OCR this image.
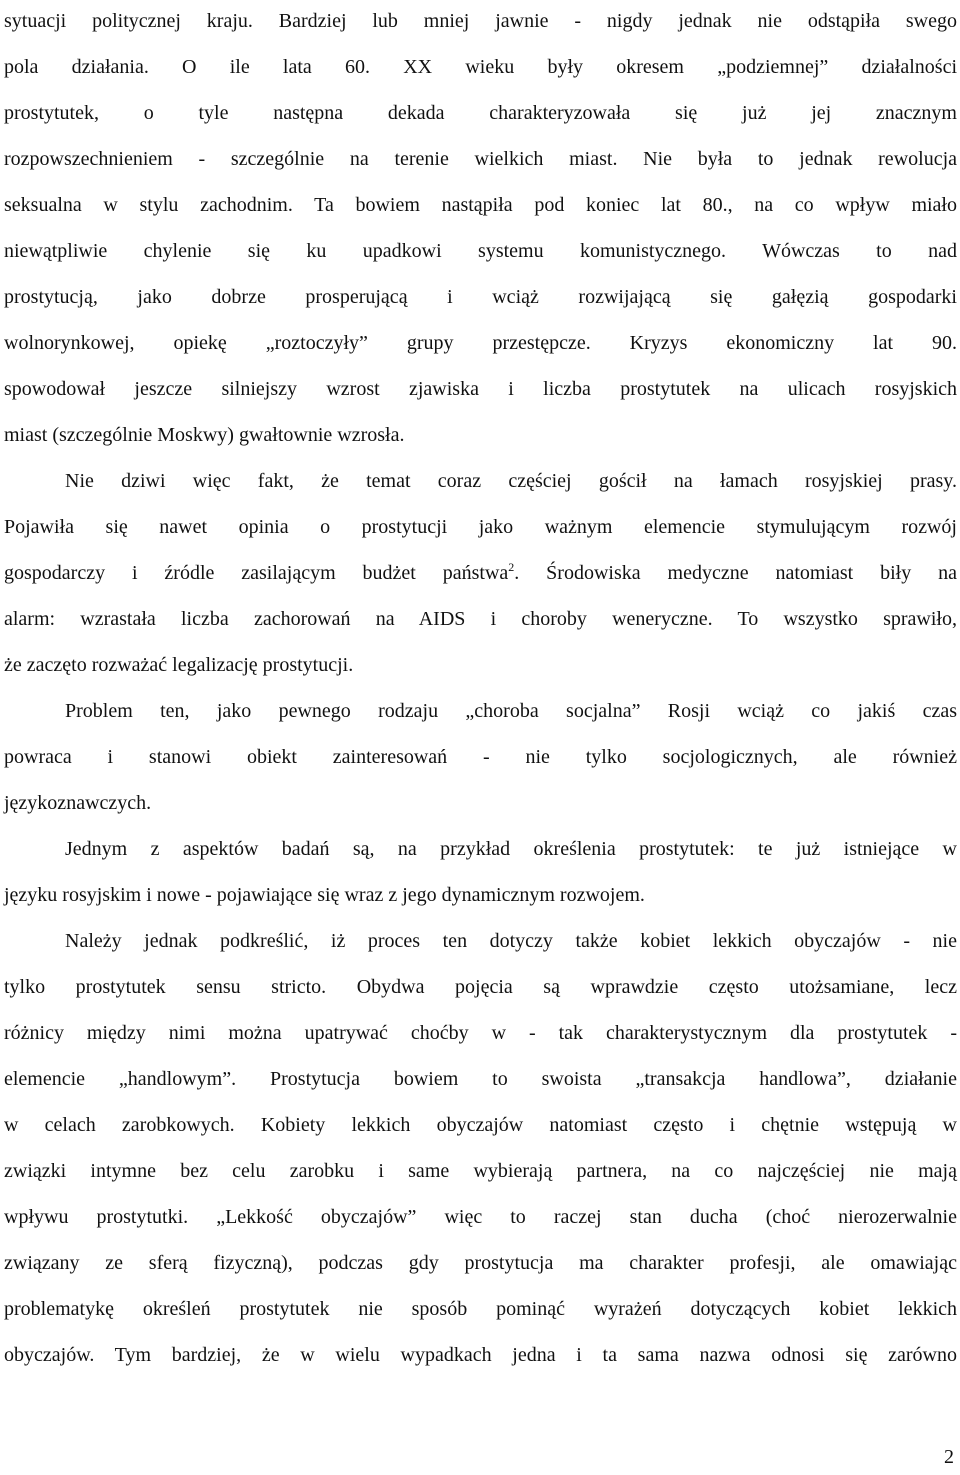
sytuacji politycznej kraju. Bardziej lub mniej jawnie - nigdy jednak nie odstąpiła swego
pola działania. O ile lata 60. XX wieku były okresem „podziemnej” działalności
prostytutek, o tyle następna dekada charakteryzowała się już jej znacznym
rozpowszechnieniem - szczególnie na terenie wielkich miast. Nie była to jednak rewolucja
seksualna w stylu zachodnim. Ta bowiem nastąpiła pod koniec lat 80., na co wpływ miało
niewątpliwie chylenie się ku upadkowi systemu komunistycznego. Wówczas to nad
prostytucją, jako dobrze prosperującą i wciąż rozwijającą się gałęzią gospodarki
wolnorynkowej, opiekę „roztoczyły” grupy przestępcze. Kryzys ekonomiczny lat 90.
spowodował jeszcze silniejszy wzrost zjawiska i liczba prostytutek na ulicach rosyjskich
miast (szczególnie Moskwy) gwałtownie wzrosła.
Nie dziwi więc fakt, że temat coraz częściej gościł na łamach rosyjskiej prasy.
Pojawiła się nawet opinia o prostytucji jako ważnym elemencie stymulującym rozwój
gospodarczy i źródle zasilającym budżet państwa$^2$. Środowiska medyczne natomiast biły na
alarm: wzrastała liczba zachorowań na AIDS i choroby weneryczne. To wszystko sprawiło,
że zaczęto rozważać legalizację prostytucji.
Problem ten, jako pewnego rodzaju „choroba socjalna” Rosji wciąż co jakiś czas
powraca i stanowi obiekt zainteresowań - nie tylko socjologicznych, ale również
językoznawczych.
Jednym z aspektów badań są, na przykład określenia prostytutek: te już istniejące w
języku rosyjskim i nowe - pojawiające się wraz z jego dynamicznym rozwojem.
Należy jednak podkreślić, iż proces ten dotyczy także kobiet lekkich obyczajów - nie
tylko prostytutek sensu stricto. Obydwa pojęcia są wprawdzie często utożsamiane, lecz
różnicy między nimi można upatrywać choćby w - tak charakterystycznym dla prostytutek -
elemencie „handlowym”. Prostytucja bowiem to swoista „transakcja handlowa”, działanie
w celach zarobkowych. Kobiety lekkich obyczajów natomiast często i chętnie wstępują w
związki intymne bez celu zarobku i same wybierają partnera, na co najczęściej nie mają
wpływu prostytutki. „Lekkość obyczajów” więc to raczej stan ducha (choć nierozerwalnie
związany ze sferą fizyczną), podczas gdy prostytucja ma charakter profesji, ale omawiając
problematykę określeń prostytutek nie sposób pominąć wyrażeń dotyczących kobiet lekkich
obyczajów. Tym bardziej, że w wielu wypadkach jedna i ta sama nazwa odnosi się zarówno
2
